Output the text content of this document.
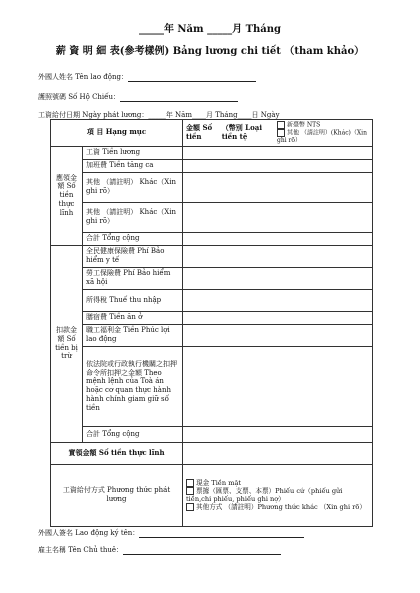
_____年 Năm _____月 Tháng
薪 資 明 細 表(參考樣例) Bảng lương chi tiết （tham khảo）
外國人姓名 Tên lao động：
護照號碼 Số Hộ Chiếu：
工資給付日期 Ngày phát lương：_____年 Năm____月 Tháng____日 Ngày
項 目 Hạng mục		金額 Số tiền
（幣別 Loại tiền tệ
新臺幣 NTS
其他 （請註明）(Khác)（Xin ghi rõ）

應領金額 Số tiền thực lĩnh	工資 Tiền lương	
	加班費 Tiền tăng ca	
	其他 （請註明） Khác（Xin ghi rõ）	
	其他 （請註明） Khác（Xin ghi rõ）	
	合計 Tổng cộng	
扣款金額 Số tiền bị trừ	全民健康保險費 Phí Bảo hiểm y tế	
	勞工保險費 Phí Bảo hiểm xã hội	
	所得稅 Thuế thu nhập	
	膳宿費 Tiền ăn ở	
	職工福利金 Tiền Phúc lợi lao động	
	依法院或行政執行機關之扣押命令所扣押之金額 Theo mệnh lệnh của Toà án hoặc cơ quan thực hành hành chính giam giữ số tiền	
	合計 Tổng cộng	
實領金額 Số tiền thực lĩnh		
工資給付方式 Phương thức phát lương		現金 Tiền mặt
票據（匯票、支票、本票）Phiếu cứ（phiếu gửi tiền,chi phiếu, phiếu ghi nợ）
其他方式 （請註明）Phương thức khác （Xin ghi rõ）
外國人簽名 Lao động ký tên：
雇主名稱 Tên Chủ thuê：
